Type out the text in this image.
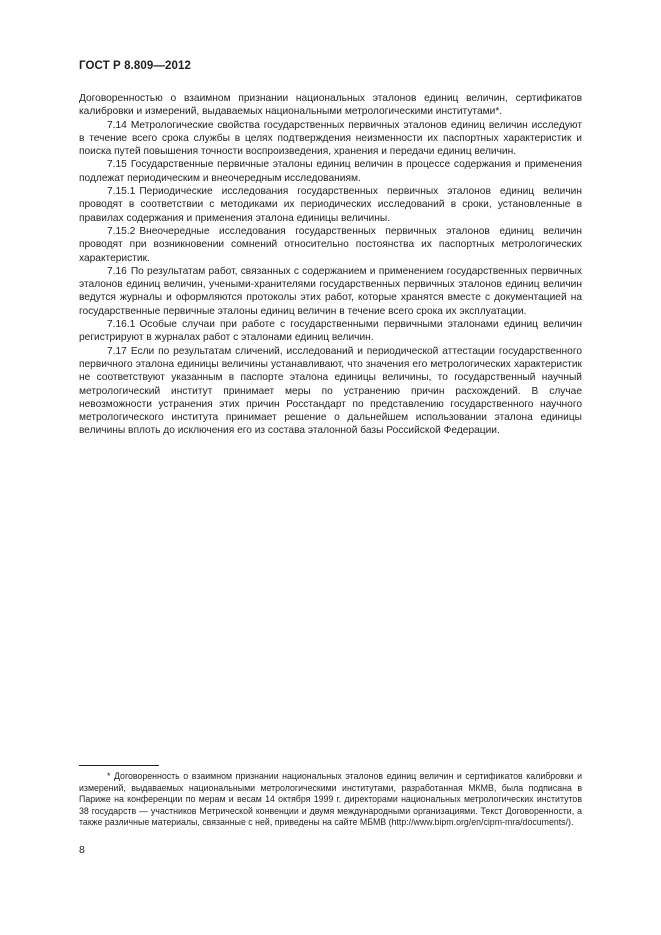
ГОСТ Р 8.809—2012

Договоренностью о взаимном признании национальных эталонов единиц величин, сертификатов калибровки и измерений, выдаваемых национальными метрологическими институтами*.

7.14 Метрологические свойства государственных первичных эталонов единиц величин исследуют в течение всего срока службы в целях подтверждения неизменности их паспортных характеристик и поиска путей повышения точности воспроизведения, хранения и передачи единиц величин.

7.15 Государственные первичные эталоны единиц величин в процессе содержания и применения подлежат периодическим и внеочередным исследованиям.

7.15.1 Периодические исследования государственных первичных эталонов единиц величин проводят в соответствии с методиками их периодических исследований в сроки, установленные в правилах содержания и применения эталона единицы величины.

7.15.2 Внеочередные исследования государственных первичных эталонов единиц величин проводят при возникновении сомнений относительно постоянства их паспортных метрологических характеристик.

7.16 По результатам работ, связанных с содержанием и применением государственных первичных эталонов единиц величин, учеными-хранителями государственных первичных эталонов единиц величин ведутся журналы и оформляются протоколы этих работ, которые хранятся вместе с документацией на государственные первичные эталоны единиц величин в течение всего срока их эксплуатации.

7.16.1 Особые случаи при работе с государственными первичными эталонами единиц величин регистрируют в журналах работ с эталонами единиц величин.

7.17 Если по результатам сличений, исследований и периодической аттестации государственного первичного эталона единицы величины устанавливают, что значения его метрологических характеристик не соответствуют указанным в паспорте эталона единицы величины, то государственный научный метрологический институт принимает меры по устранению причин расхождений. В случае невозможности устранения этих причин Росстандарт по представлению государственного научного метрологического института принимает решение о дальнейшем использовании эталона единицы величины вплоть до исключения его из состава эталонной базы Российской Федерации.

* Договоренность о взаимном признании национальных эталонов единиц величин и сертификатов калибровки и измерений, выдаваемых национальными метрологическими институтами, разработанная МКМВ, была подписана в Париже на конференции по мерам и весам 14 октября 1999 г. директорами национальных метрологических институтов 38 государств — участников Метрической конвенции и двумя международными организациями. Текст Договоренности, а также различные материалы, связанные с ней, приведены на сайте МБМВ (http://www.bipm.org/en/cipm-mra/documents/).

8
